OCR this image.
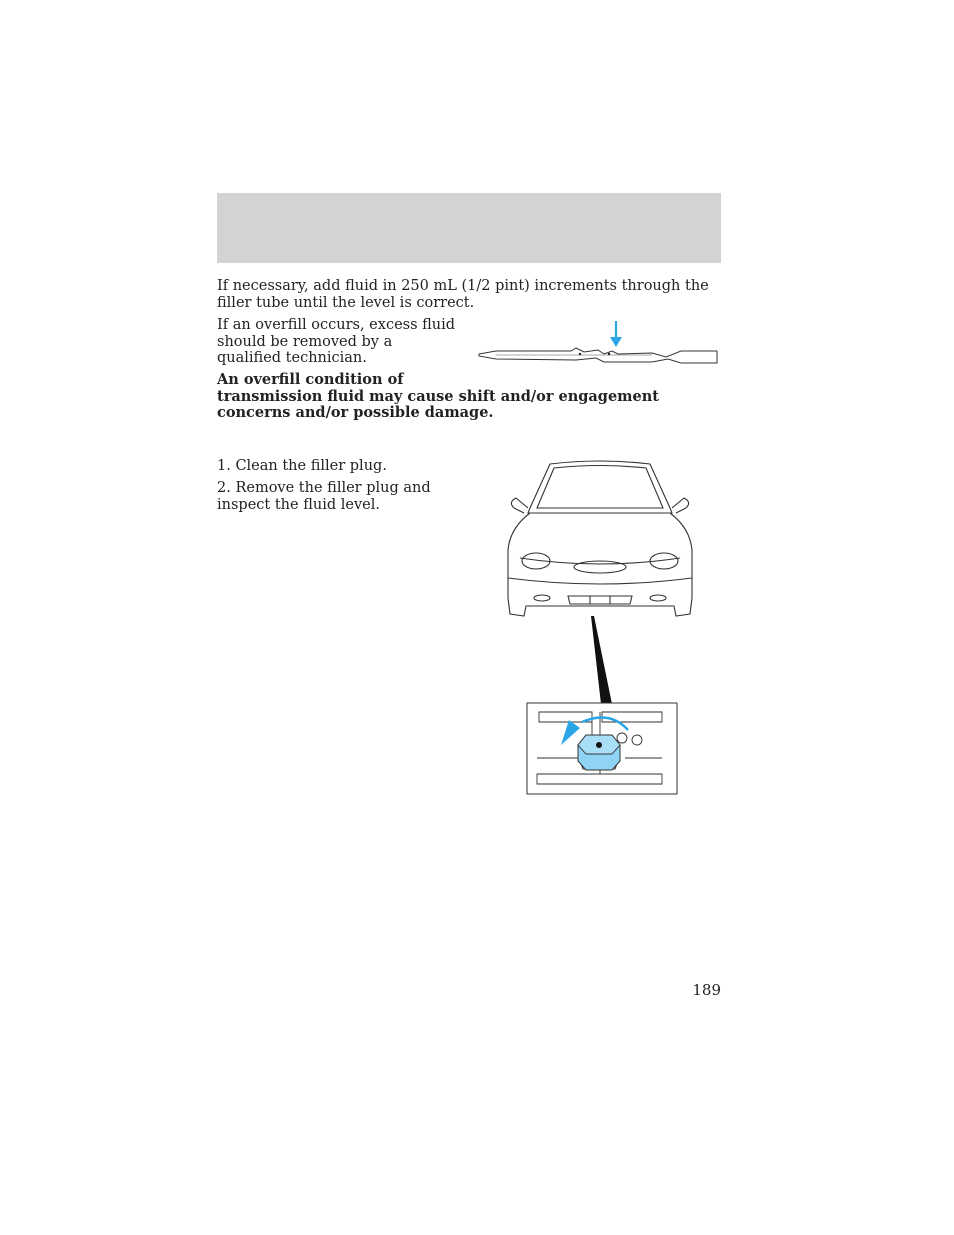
If necessary, add fluid in 250 mL (1/2 pint) increments through the filler tube until the level is correct.

If an overfill occurs, excess fluid should be removed by a qualified technician.

An overfill condition of
transmission fluid may cause shift and/or engagement concerns and/or possible damage.

1. Clean the filler plug.

2. Remove the filler plug and inspect the fluid level.

189
